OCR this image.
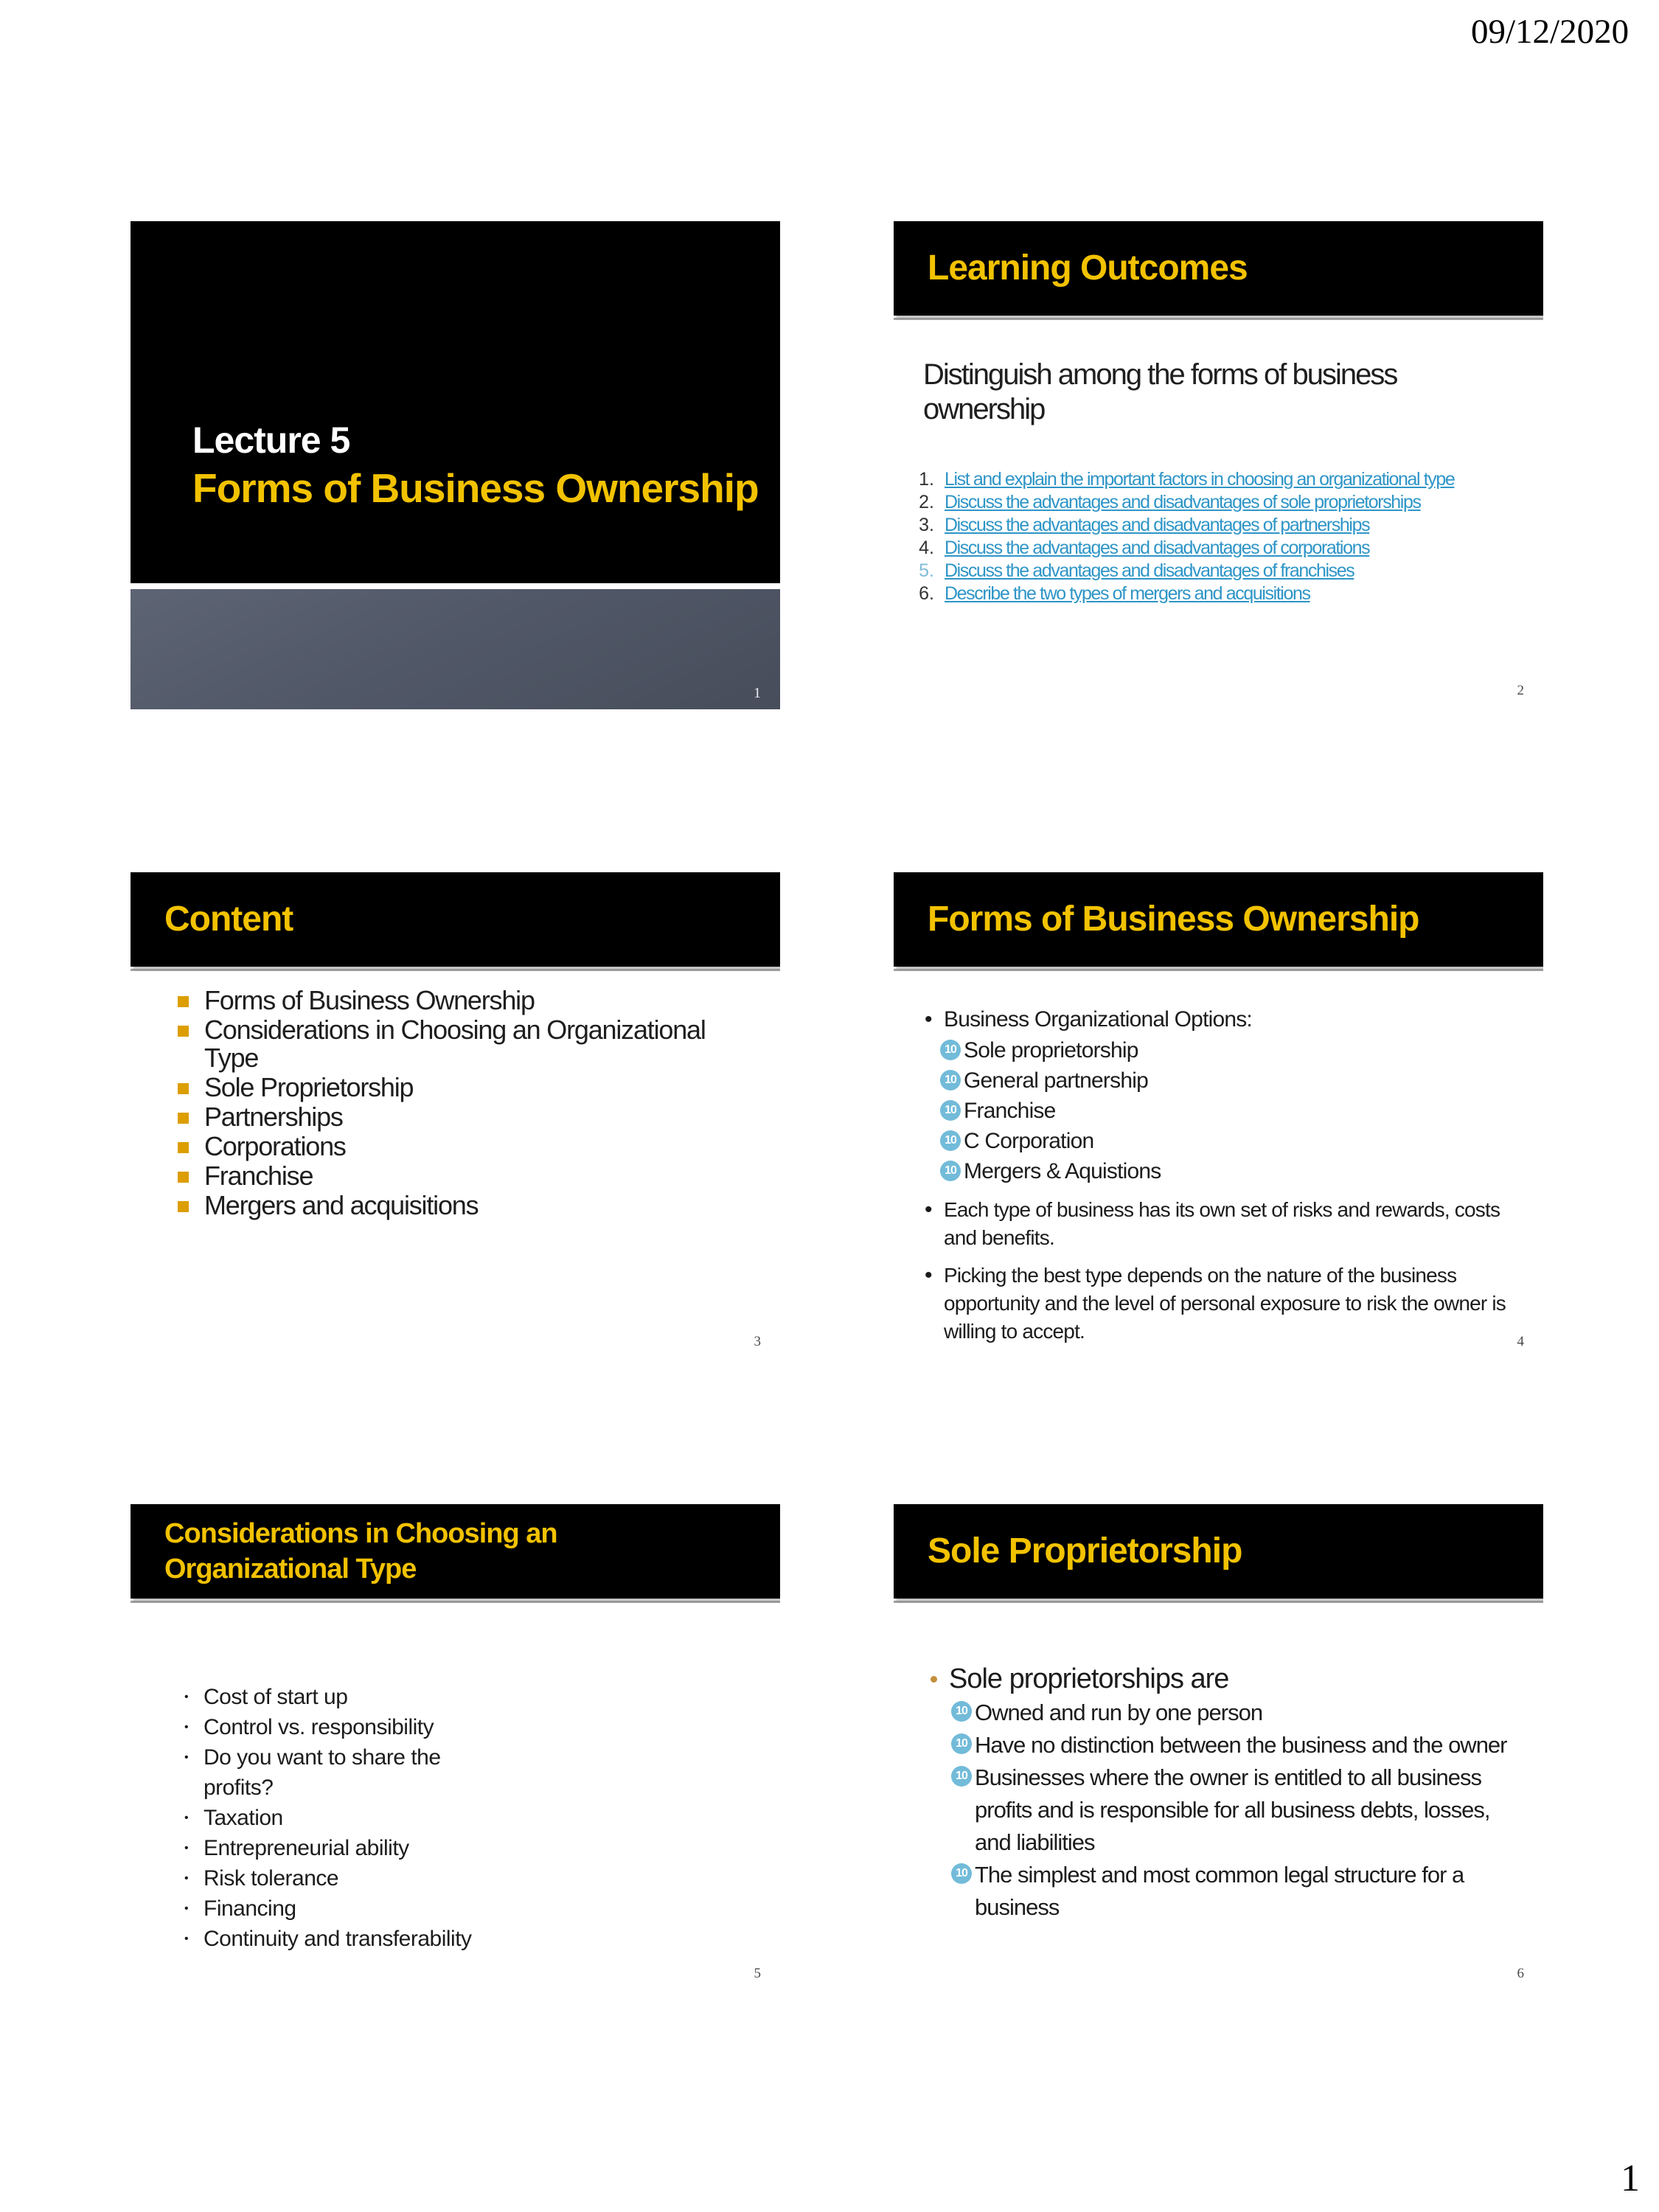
09/12/2020
Lecture 5
Forms of Business Ownership
1
Learning Outcomes
Distinguish among the forms of business ownership
1. List and explain the important factors in choosing an organizational type
2. Discuss the advantages and disadvantages of sole proprietorships
3. Discuss the advantages and disadvantages of partnerships
4. Discuss the advantages and disadvantages of corporations
5. Discuss the advantages and disadvantages of franchises
6. Describe the two types of mergers and acquisitions
2
Content
Forms of Business Ownership
Considerations in Choosing an Organizational Type
Sole Proprietorship
Partnerships
Corporations
Franchise
Mergers and acquisitions
3
Forms of Business Ownership
• Business Organizational Options:
10 Sole proprietorship
10 General partnership
10 Franchise
10 C Corporation
10 Mergers & Aquistions
• Each type of business has its own set of risks and rewards, costs and benefits.
• Picking the best type depends on the nature of the business opportunity and the level of personal exposure to risk the owner is willing to accept.	4
Considerations in Choosing an Organizational Type
• Cost of start up
• Control vs. responsibility
• Do you want to share the profits?
• Taxation
• Entrepreneurial ability
• Risk tolerance
• Financing
• Continuity and transferability
5
Sole Proprietorship
Sole proprietorships are
10 Owned and run by one person
10 Have no distinction between the business and the owner
10 Businesses where the owner is entitled to all business profits and is responsible for all business debts, losses, and liabilities
10 The simplest and most common legal structure for a business
6
1
